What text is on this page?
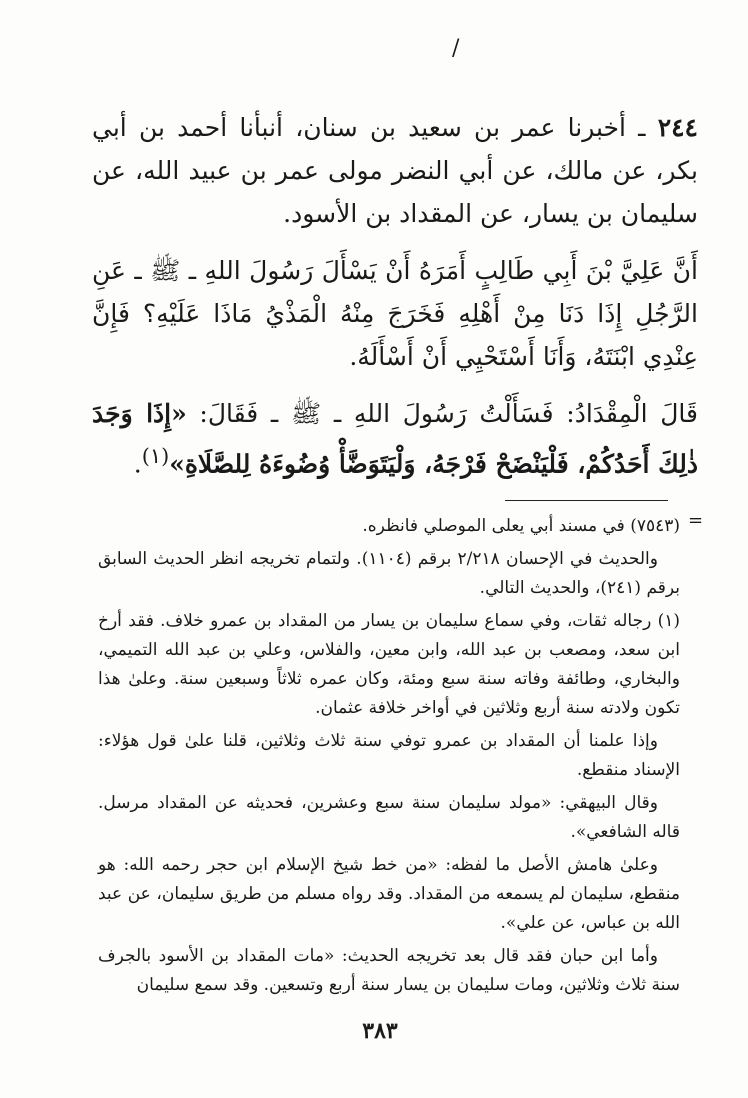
/

٢٤٤ ـ أخبرنا عمر بن سعيد بن سنان، أنبأنا أحمد بن أبي بكر، عن مالك، عن أبي النضر مولى عمر بن عبيد الله، عن سليمان بن يسار، عن المقداد بن الأسود.

أَنَّ عَلِيَّ بْنَ أَبِي طَالِبٍ أَمَرَهُ أَنْ يَسْأَلَ رَسُولَ اللهِ ـ ﷺ ـ عَنِ الرَّجُلِ إِذَا دَنَا مِنْ أَهْلِهِ فَخَرَجَ مِنْهُ الْمَذْيُ مَاذَا عَلَيْهِ؟ فَإِنَّ عِنْدِي ابْنَتَهُ، وَأَنَا أَسْتَحْيِي أَنْ أَسْأَلَهُ.

قَالَ الْمِقْدَادُ: فَسَأَلْتُ رَسُولَ اللهِ ـ ﷺ ـ فَقَالَ: «إِذَا وَجَدَ ذٰلِكَ أَحَدُكُمْ، فَلْيَنْضَحْ فَرْجَهُ، وَلْيَتَوَضَّأْ وُضُوءَهُ لِلصَّلَاةِ»$^{(١)}$.

=

(٧٥٤٣) في مسند أبي يعلى الموصلي فانظره.

والحديث في الإحسان ٢/٢١٨ برقم (١١٠٤). ولتمام تخريجه انظر الحديث السابق برقم (٢٤١)، والحديث التالي.

(١) رجاله ثقات، وفي سماع سليمان بن يسار من المقداد بن عمرو خلاف. فقد أرخ ابن سعد، ومصعب بن عبد الله، وابن معين، والفلاس، وعلي بن عبد الله التميمي، والبخاري، وطائفة وفاته سنة سبع ومئة، وكان عمره ثلاثاً وسبعين سنة. وعلىٰ هذا تكون ولادته سنة أربع وثلاثين في أواخر خلافة عثمان.

وإذا علمنا أن المقداد بن عمرو توفي سنة ثلاث وثلاثين، قلنا علىٰ قول هؤلاء: الإسناد منقطع.

وقال البيهقي: «مولد سليمان سنة سبع وعشرين، فحديثه عن المقداد مرسل. قاله الشافعي».

وعلىٰ هامش الأصل ما لفظه: «من خط شيخ الإسلام ابن حجر رحمه الله: هو منقطع، سليمان لم يسمعه من المقداد. وقد رواه مسلم من طريق سليمان، عن عبد الله بن عباس، عن علي».

وأما ابن حبان فقد قال بعد تخريجه الحديث: «مات المقداد بن الأسود بالجرف سنة ثلاث وثلاثين، ومات سليمان بن يسار سنة أربع وتسعين. وقد سمع سليمان

٣٨٣
